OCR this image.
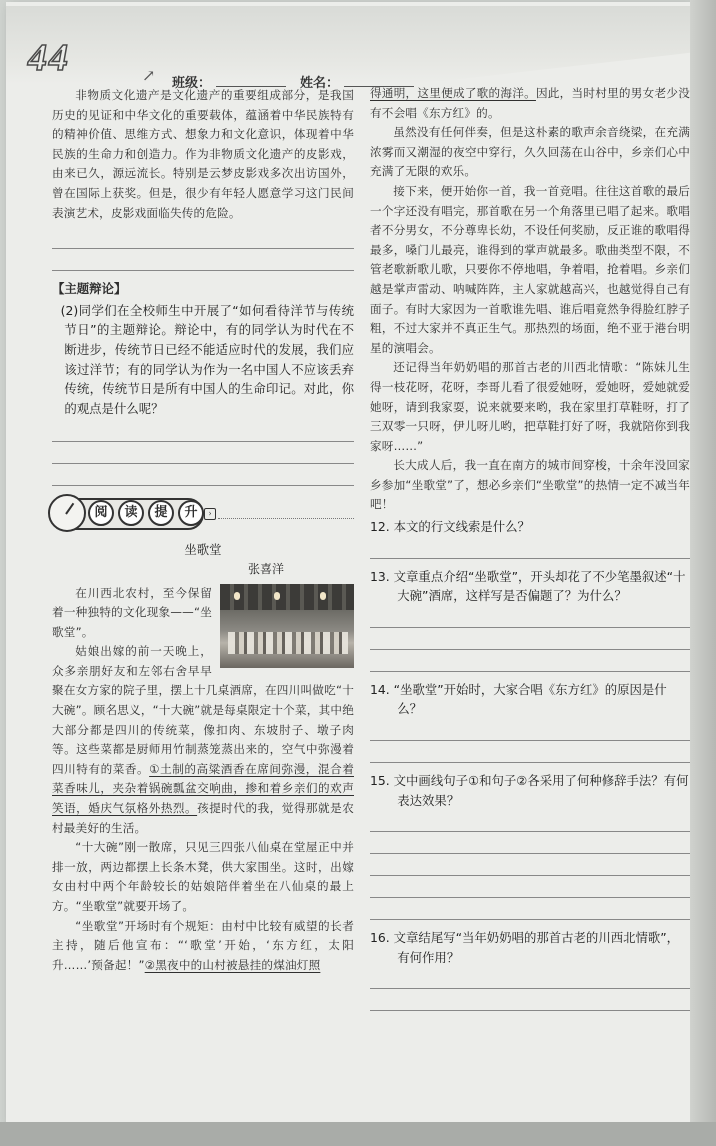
44	↗ 班级：	姓名：

非物质文化遗产是文化遗产的重要组成部分，是我国历史的见证和中华文化的重要载体，蕴涵着中华民族特有的精神价值、思维方式、想象力和文化意识，体现着中华民族的生命力和创造力。作为非物质文化遗产的皮影戏，由来已久，源远流长。特别是云梦皮影戏多次出访国外，曾在国际上获奖。但是，很少有年轻人愿意学习这门民间表演艺术，皮影戏面临失传的危险。

【主题辩论】

(2)同学们在全校师生中开展了“如何看待洋节与传统节日”的主题辩论。辩论中，有的同学认为时代在不断进步，传统节日已经不能适应时代的发展，我们应该过洋节；有的同学认为作为一名中国人不应该丢弃传统，传统节日是所有中国人的生命印记。对此，你的观点是什么呢？

阅	读	提	升	›
坐歌堂
张喜洋

在川西北农村，至今保留着一种独特的文化现象——“坐歌堂”。

姑娘出嫁的前一天晚上，众多亲朋好友和左邻右舍早早聚在女方家的院子里，摆上十几桌酒席，在四川叫做吃“十大碗”。顾名思义，“十大碗”就是每桌限定十个菜，其中绝大部分都是四川的传统菜，像扣肉、东坡肘子、墩子肉等。这些菜都是厨师用竹制蒸笼蒸出来的，空气中弥漫着四川特有的菜香。①土制的高粱酒香在席间弥漫，混合着菜香味儿，夹杂着锅碗瓢盆交响曲，掺和着乡亲们的欢声笑语，婚庆气氛格外热烈。孩提时代的我，觉得那就是农村最美好的生活。

“十大碗”刚一散席，只见三四张八仙桌在堂屋正中并排一放，两边都摆上长条木凳，供大家围坐。这时，出嫁女由村中两个年龄较长的姑娘陪伴着坐在八仙桌的最上方。“坐歌堂”就要开场了。

“坐歌堂”开场时有个规矩：由村中比较有威望的长者主持，随后他宣布：“‘歌堂’开始，‘东方红，太阳升……’预备起！”②黑夜中的山村被悬挂的煤油灯照

得通明，这里便成了歌的海洋。因此，当时村里的男女老少没有不会唱《东方红》的。

虽然没有任何伴奏，但是这朴素的歌声余音绕梁，在充满浓雾而又潮湿的夜空中穿行，久久回荡在山谷中，乡亲们心中充满了无限的欢乐。

接下来，便开始你一首，我一首竞唱。往往这首歌的最后一个字还没有唱完，那首歌在另一个角落里已唱了起来。歌唱者不分男女，不分尊卑长幼，不设任何奖励，反正谁的歌唱得最多，嗓门儿最亮，谁得到的掌声就最多。歌曲类型不限，不管老歌新歌儿歌，只要你不停地唱，争着唱，抢着唱。乡亲们越是掌声雷动、呐喊阵阵，主人家就越高兴，也越觉得自己有面子。有时大家因为一首歌谁先唱、谁后唱竟然争得脸红脖子粗，不过大家并不真正生气。那热烈的场面，绝不亚于港台明星的演唱会。

还记得当年奶奶唱的那首古老的川西北情歌：“陈妹儿生得一枝花呀，花呀，李哥儿看了很爱她呀，爱她呀，爱她就爱她呀，请到我家耍，说来就要来哟，我在家里打草鞋呀，打了三双零一只呀，伊儿呀儿哟，把草鞋打好了呀，我就陪你到我家呀……”

长大成人后，我一直在南方的城市间穿梭，十余年没回家乡参加“坐歌堂”了，想必乡亲们“坐歌堂”的热情一定不减当年吧！

12. 本文的行文线索是什么？
13. 文章重点介绍“坐歌堂”，开头却花了不少笔墨叙述“十大碗”酒席，这样写是否偏题了？为什么？
14. “坐歌堂”开始时，大家合唱《东方红》的原因是什么？
15. 文中画线句子①和句子②各采用了何种修辞手法？有何表达效果？
16. 文章结尾写“当年奶奶唱的那首古老的川西北情歌”，有何作用？
